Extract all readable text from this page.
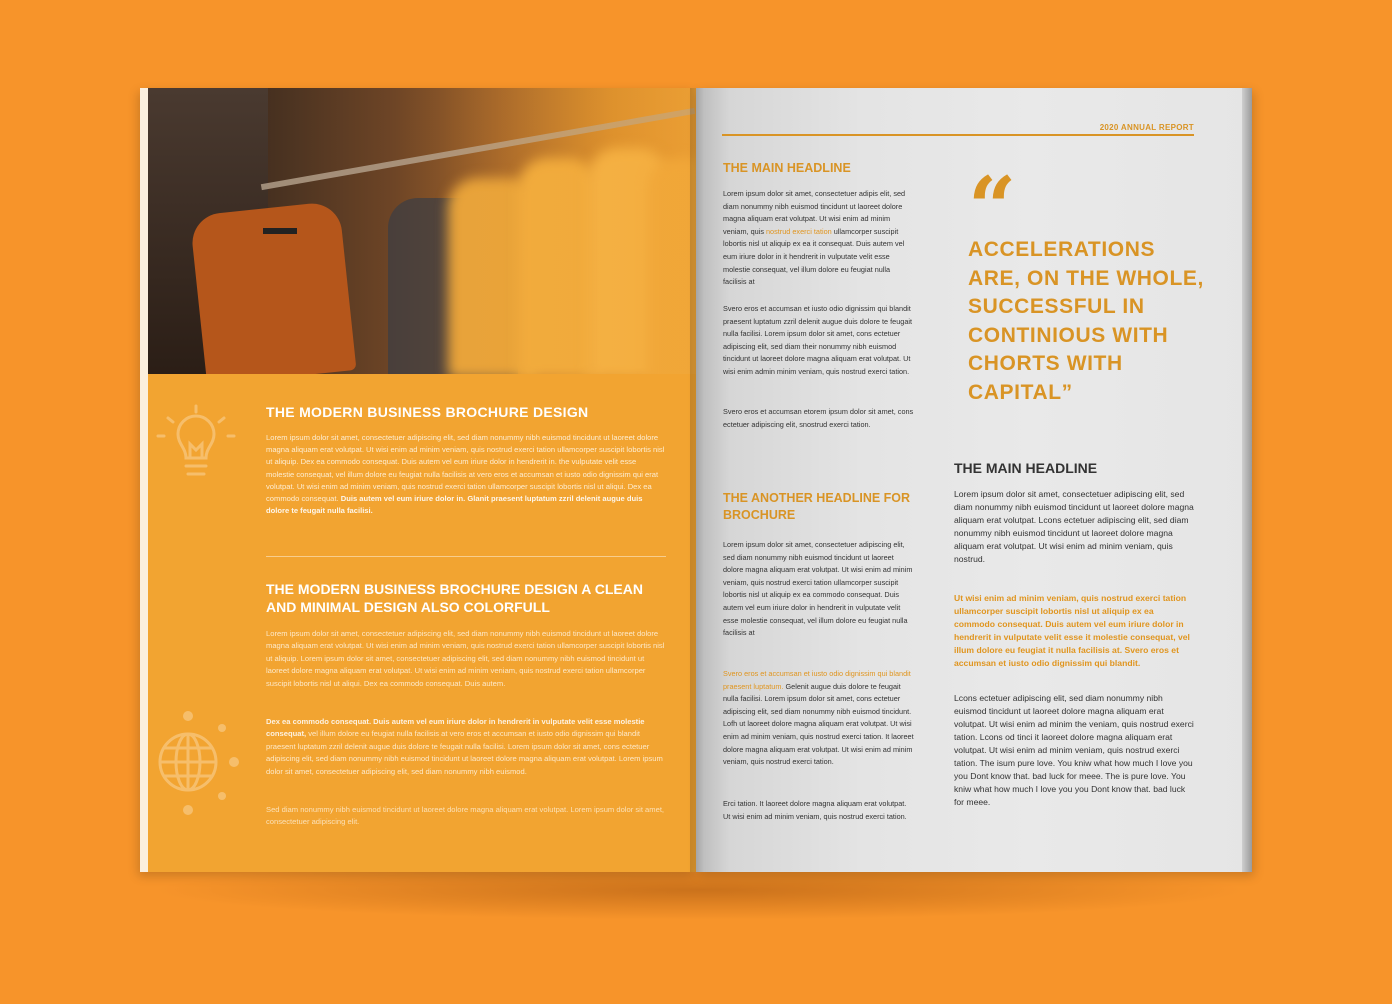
THE MODERN BUSINESS BROCHURE DESIGN

Lorem ipsum dolor sit amet, consectetuer adipiscing elit, sed diam nonummy nibh euismod tincidunt ut laoreet dolore magna aliquam erat volutpat. Ut wisi enim ad minim veniam, quis nostrud exerci tation ullamcorper suscipit lobortis nisl ut aliquip. Dex ea commodo consequat. Duis autem vel eum iriure dolor in hendrerit in. the vulputate velit esse molestie consequat, vel illum dolore eu feugiat nulla facilisis at vero eros et accumsan et iusto odio dignissim qui erat volutpat. Ut wisi enim ad minim veniam, quis nostrud exerci tation ullamcorper suscipit lobortis nisl ut aliqui. Dex ea commodo consequat. Duis autem vel eum iriure dolor in. Glanit praesent luptatum zzril delenit augue duis dolore te feugait nulla facilisi.

THE MODERN BUSINESS BROCHURE DESIGN A CLEAN AND MINIMAL DESIGN ALSO COLORFULL

Lorem ipsum dolor sit amet, consectetuer adipiscing elit, sed diam nonummy nibh euismod tincidunt ut laoreet dolore magna aliquam erat volutpat. Ut wisi enim ad minim veniam, quis nostrud exerci tation ullamcorper suscipit lobortis nisl ut aliquip. Lorem ipsum dolor sit amet, consectetuer adipiscing elit, sed diam nonummy nibh euismod tincidunt ut laoreet dolore magna aliquam erat volutpat. Ut wisi enim ad minim veniam, quis nostrud exerci tation ullamcorper suscipit lobortis nisl ut aliqui. Dex ea commodo consequat. Duis autem.

Dex ea commodo consequat. Duis autem vel eum iriure dolor in hendrerit in vulputate velit esse molestie consequat, vel illum dolore eu feugiat nulla facilisis at vero eros et accumsan et iusto odio dignissim qui blandit praesent luptatum zzril delenit augue duis dolore te feugait nulla facilisi. Lorem ipsum dolor sit amet, cons ectetuer adipiscing elit, sed diam nonummy nibh euismod tincidunt ut laoreet dolore magna aliquam erat volutpat. Lorem ipsum dolor sit amet, consectetuer adipiscing elit, sed diam nonummy nibh euismod.

Sed diam nonummy nibh euismod tincidunt ut laoreet dolore magna aliquam erat volutpat. Lorem ipsum dolor sit amet, consectetuer adipiscing elit.

2020 ANNUAL REPORT

THE MAIN HEADLINE

Lorem ipsum dolor sit amet, consectetuer adipis elit, sed diam nonummy nibh euismod tincidunt ut laoreet dolore magna aliquam erat volutpat. Ut wisi enim ad minim veniam, quis nostrud exerci tation ullamcorper suscipit lobortis nisl ut aliquip ex ea it consequat. Duis autem vel eum iriure dolor in it hendrerit in vulputate velit esse molestie consequat, vel illum dolore eu feugiat nulla facilisis at

Svero eros et accumsan et iusto odio dignissim qui blandit praesent luptatum zzril delenit augue duis dolore te feugait nulla facilisi. Lorem ipsum dolor sit amet, cons ectetuer adipiscing elit, sed diam their nonummy nibh euismod tincidunt ut laoreet dolore magna aliquam erat volutpat. Ut wisi enim admin minim veniam, quis nostrud exerci tation.

Svero eros et accumsan etorem ipsum dolor sit amet, cons ectetuer adipiscing elit, snostrud exerci tation.

THE ANOTHER HEADLINE FOR BROCHURE

Lorem ipsum dolor sit amet, consectetuer adipiscing elit, sed diam nonummy nibh euismod tincidunt ut laoreet dolore magna aliquam erat volutpat. Ut wisi enim ad minim veniam, quis nostrud exerci tation ullamcorper suscipit lobortis nisl ut aliquip ex ea commodo consequat. Duis autem vel eum iriure dolor in hendrerit in vulputate velit esse molestie consequat, vel illum dolore eu feugiat nulla facilisis at

Svero eros et accumsan et iusto odio dignissim qui blandit praesent luptatum. Gelenit augue duis dolore te feugait nulla facilisi. Lorem ipsum dolor sit amet, cons ectetuer adipiscing elit, sed diam nonummy nibh euismod tincidunt. Lofh ut laoreet dolore magna aliquam erat volutpat. Ut wisi enim ad minim veniam, quis nostrud exerci tation. It laoreet dolore magna aliquam erat volutpat. Ut wisi enim ad minim veniam, quis nostrud exerci tation.

Erci tation. It laoreet dolore magna aliquam erat volutpat. Ut wisi enim ad minim veniam, quis nostrud exerci tation.

“

ACCELERATIONS ARE, ON THE WHOLE, SUCCESSFUL IN CONTINIOUS WITH CHORTS WITH CAPITAL”

THE MAIN HEADLINE

Lorem ipsum dolor sit amet, consectetuer adipiscing elit, sed diam nonummy nibh euismod tincidunt ut laoreet dolore magna aliquam erat volutpat. Lcons ectetuer adipiscing elit, sed diam nonummy nibh euismod tincidunt ut laoreet dolore magna aliquam erat volutpat. Ut wisi enim ad minim veniam, quis nostrud.

Ut wisi enim ad minim veniam, quis nostrud exerci tation ullamcorper suscipit lobortis nisl ut aliquip ex ea commodo consequat. Duis autem vel eum iriure dolor in hendrerit in vulputate velit esse it molestie consequat, vel illum dolore eu feugiat it nulla facilisis at. Svero eros et accumsan et iusto odio dignissim qui blandit.

Lcons ectetuer adipiscing elit, sed diam nonummy nibh euismod tincidunt ut laoreet dolore magna aliquam erat volutpat. Ut wisi enim ad minim the veniam, quis nostrud exerci tation. Lcons od tinci it laoreet dolore magna aliquam erat volutpat. Ut wisi enim ad minim veniam, quis nostrud exerci tation. The isum pure love. You kniw what how much I love you you Dont know that. bad luck for meee. The is pure love. You kniw what how much I love you you Dont know that. bad luck for meee.
